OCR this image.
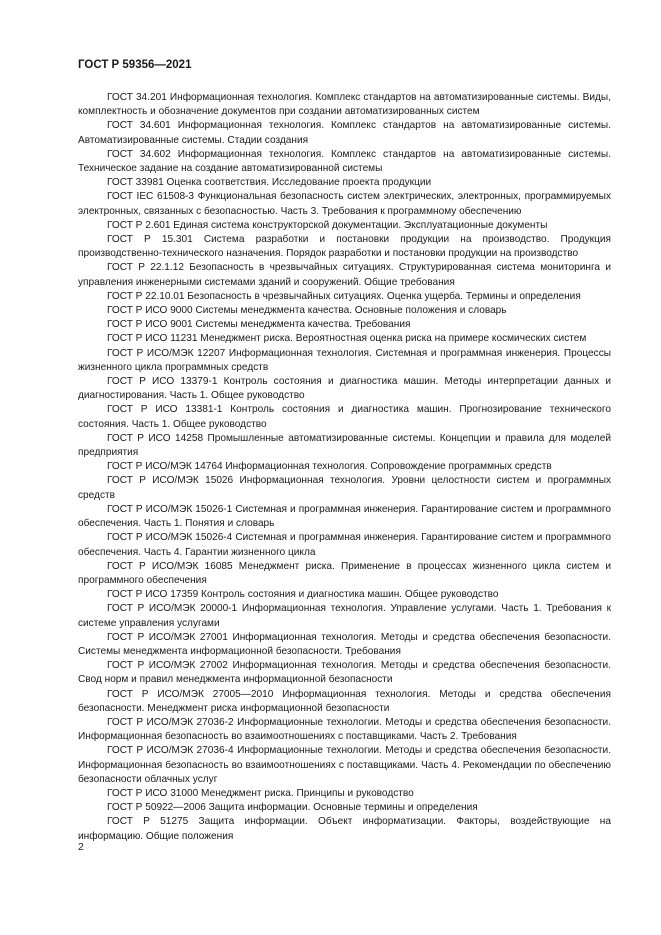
ГОСТ Р 59356—2021

ГОСТ 34.201 Информационная технология. Комплекс стандартов на автоматизированные системы. Виды, комплектность и обозначение документов при создании автоматизированных систем

ГОСТ 34.601 Информационная технология. Комплекс стандартов на автоматизированные системы. Автоматизированные системы. Стадии создания

ГОСТ 34.602 Информационная технология. Комплекс стандартов на автоматизированные системы. Техническое задание на создание автоматизированной системы

ГОСТ 33981 Оценка соответствия. Исследование проекта продукции

ГОСТ IEC 61508-3 Функциональная безопасность систем электрических, электронных, программируемых электронных, связанных с безопасностью. Часть 3. Требования к программному обеспечению

ГОСТ Р 2.601 Единая система конструкторской документации. Эксплуатационные документы

ГОСТ Р 15.301 Система разработки и постановки продукции на производство. Продукция производственно-технического назначения. Порядок разработки и постановки продукции на производство

ГОСТ Р 22.1.12 Безопасность в чрезвычайных ситуациях. Структурированная система мониторинга и управления инженерными системами зданий и сооружений. Общие требования

ГОСТ Р 22.10.01 Безопасность в чрезвычайных ситуациях. Оценка ущерба. Термины и определения

ГОСТ Р ИСО 9000 Системы менеджмента качества. Основные положения и словарь

ГОСТ Р ИСО 9001 Системы менеджмента качества. Требования

ГОСТ Р ИСО 11231 Менеджмент риска. Вероятностная оценка риска на примере космических систем

ГОСТ Р ИСО/МЭК 12207 Информационная технология. Системная и программная инженерия. Процессы жизненного цикла программных средств

ГОСТ Р ИСО 13379-1 Контроль состояния и диагностика машин. Методы интерпретации данных и диагностирования. Часть 1. Общее руководство

ГОСТ Р ИСО 13381-1 Контроль состояния и диагностика машин. Прогнозирование технического состояния. Часть 1. Общее руководство

ГОСТ Р ИСО 14258 Промышленные автоматизированные системы. Концепции и правила для моделей предприятия

ГОСТ Р ИСО/МЭК 14764 Информационная технология. Сопровождение программных средств

ГОСТ Р ИСО/МЭК 15026 Информационная технология. Уровни целостности систем и программных средств

ГОСТ Р ИСО/МЭК 15026-1 Системная и программная инженерия. Гарантирование систем и программного обеспечения. Часть 1. Понятия и словарь

ГОСТ Р ИСО/МЭК 15026-4 Системная и программная инженерия. Гарантирование систем и программного обеспечения. Часть 4. Гарантии жизненного цикла

ГОСТ Р ИСО/МЭК 16085 Менеджмент риска. Применение в процессах жизненного цикла систем и программного обеспечения

ГОСТ Р ИСО 17359 Контроль состояния и диагностика машин. Общее руководство

ГОСТ Р ИСО/МЭК 20000-1 Информационная технология. Управление услугами. Часть 1. Требования к системе управления услугами

ГОСТ Р ИСО/МЭК 27001 Информационная технология. Методы и средства обеспечения безопасности. Системы менеджмента информационной безопасности. Требования

ГОСТ Р ИСО/МЭК 27002 Информационная технология. Методы и средства обеспечения безопасности. Свод норм и правил менеджмента информационной безопасности

ГОСТ Р ИСО/МЭК 27005—2010 Информационная технология. Методы и средства обеспечения безопасности. Менеджмент риска информационной безопасности

ГОСТ Р ИСО/МЭК 27036-2 Информационные технологии. Методы и средства обеспечения безопасности. Информационная безопасность во взаимоотношениях с поставщиками. Часть 2. Требования

ГОСТ Р ИСО/МЭК 27036-4 Информационные технологии. Методы и средства обеспечения безопасности. Информационная безопасность во взаимоотношениях с поставщиками. Часть 4. Рекомендации по обеспечению безопасности облачных услуг

ГОСТ Р ИСО 31000 Менеджмент риска. Принципы и руководство

ГОСТ Р 50922—2006 Защита информации. Основные термины и определения

ГОСТ Р 51275 Защита информации. Объект информатизации. Факторы, воздействующие на информацию. Общие положения

2
